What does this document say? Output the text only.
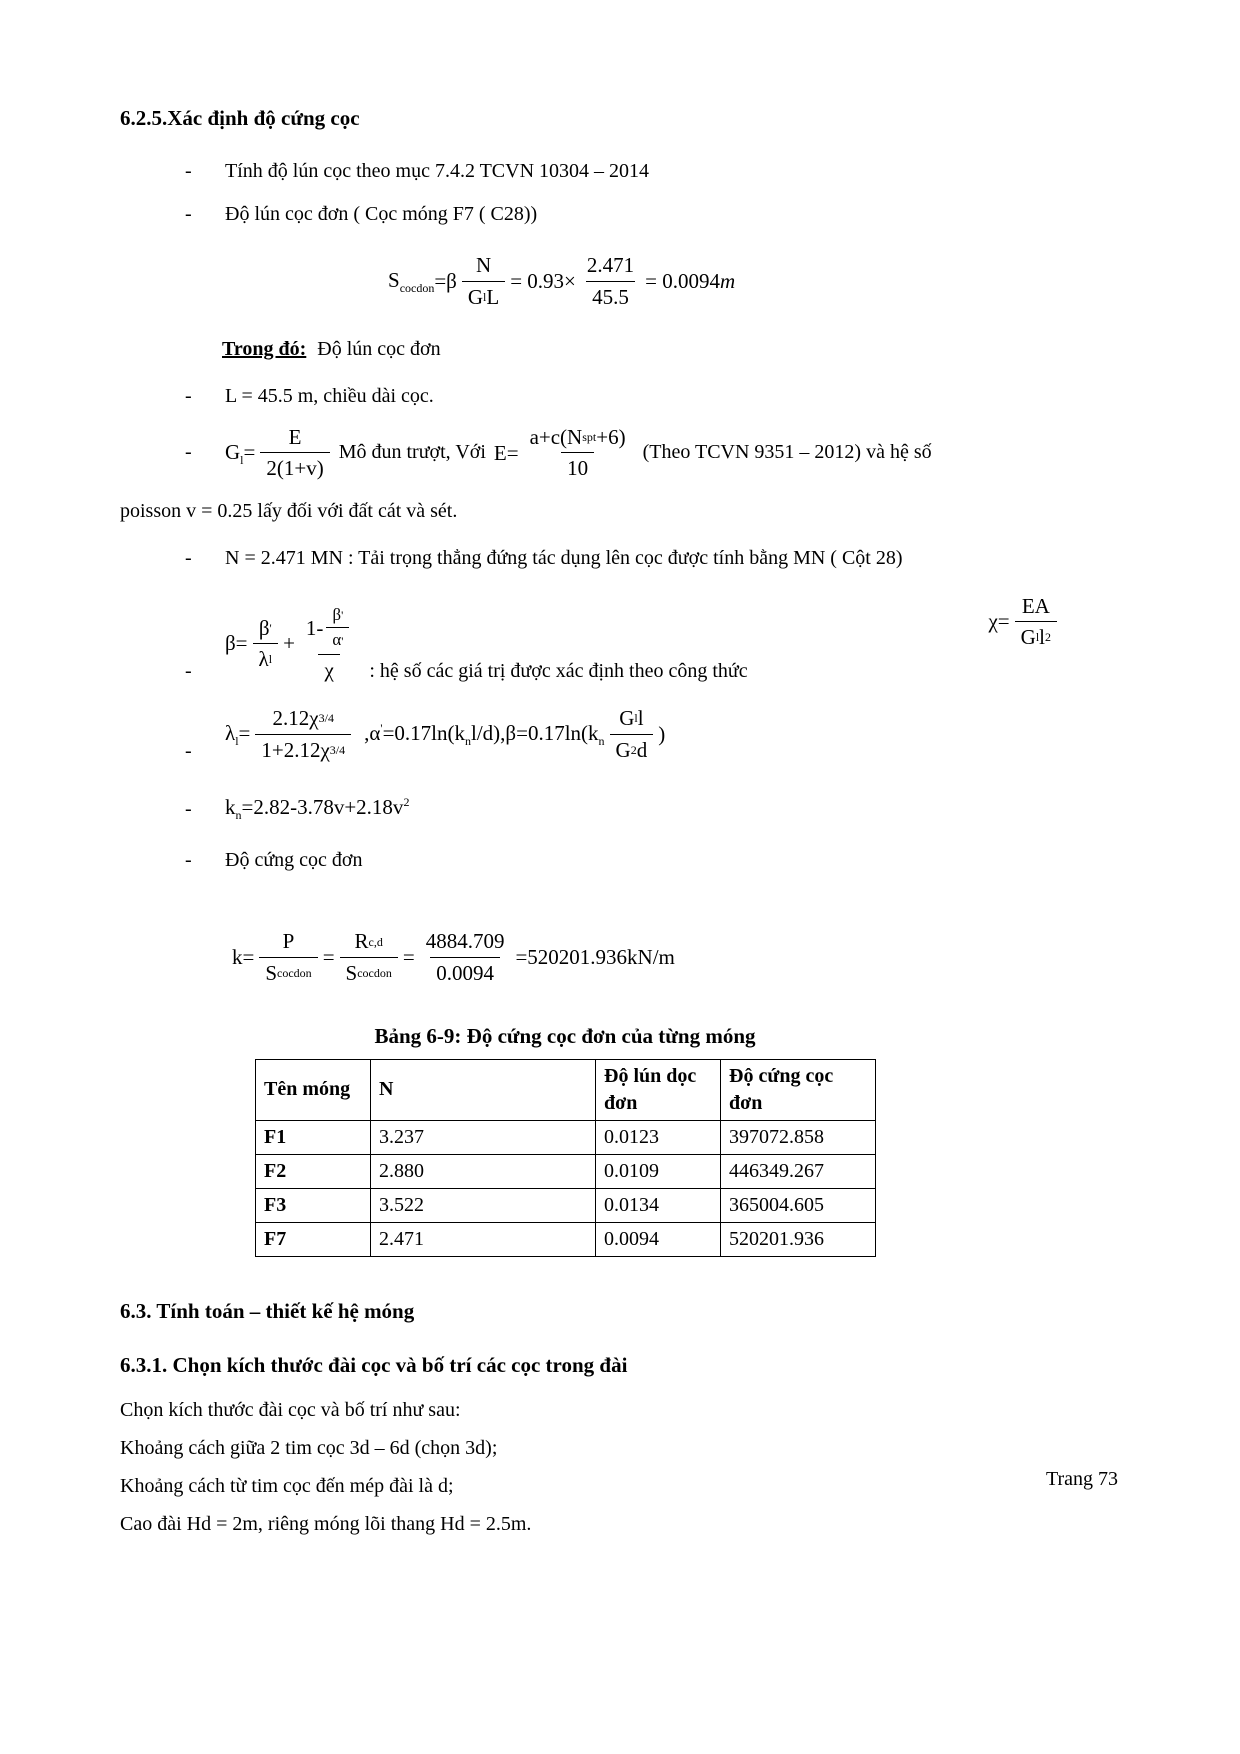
6.2.5.Xác định độ cứng cọc
-	Tính độ lún cọc theo mục 7.4.2 TCVN 10304 – 2014
-	Độ lún cọc đơn ( Cọc móng F7 ( C28))
$S_{cocdon} =\beta \frac{N}{\text{G l L}} = 0.93\times \frac{2.471}{45.5} = 0.0094$ m
Trong đó: Độ lún cọc đơn
-	L = 45.5 m, chiều dài cọc.
-	$G_l= \frac{E}{2(1+v)}$ Mô đun trượt, Với $E= \frac{\text{a+c(N spt +6)}}{10}$ (Theo TCVN 9351 – 2012) và hệ số
poisson v = 0.25 lấy đối với đất cát và sét.
-	N = 2.471 MN : Tải trọng thẳng đứng tác dụng lên cọc được tính bằng MN ( Cột 28)
-
$\beta= \frac{\beta '}{\text{λ l}} + \frac{1- \frac{\beta '}{\alpha '}}{\chi}$ : hệ số các giá trị được xác định theo công thức
$\chi= \frac{EA}{\text{G l l 2}}$
-
$\lambda_l= \frac{2.12\chi 3/4}{1+2.12\chi 3/4} ,\alpha'=0.17\ln(k_nl/d),\beta=0.17\ln(k_n \frac{\text{G l l}}{G 2 d}$ )
-	$k_n=2.82-3.78v+2.18v^2$
-	Độ cứng cọc đơn
$k= \frac{P}{\text{S cocdon}} = \frac{\text{R c,d}}{\text{S cocdon}} = \frac{4884.709}{0.0094} =520201.936kN/m$
Bảng 6-9: Độ cứng cọc đơn của từng móng
Tên móng	N	Độ lún dọc đơn	Độ cứng cọc đơn
F1	3.237	0.0123	397072.858
F2	2.880	0.0109	446349.267
F3	3.522	0.0134	365004.605
F7	2.471	0.0094	520201.936
6.3. Tính toán – thiết kế hệ móng
6.3.1. Chọn kích thước đài cọc và bố trí các cọc trong đài
Chọn kích thước đài cọc và bố trí như sau:
Khoảng cách giữa 2 tim cọc 3d – 6d (chọn 3d);
Khoảng cách từ tim cọc đến mép đài là d;
Cao đài Hd = 2m, riêng móng lõi thang Hd = 2.5m.
Trang 73
